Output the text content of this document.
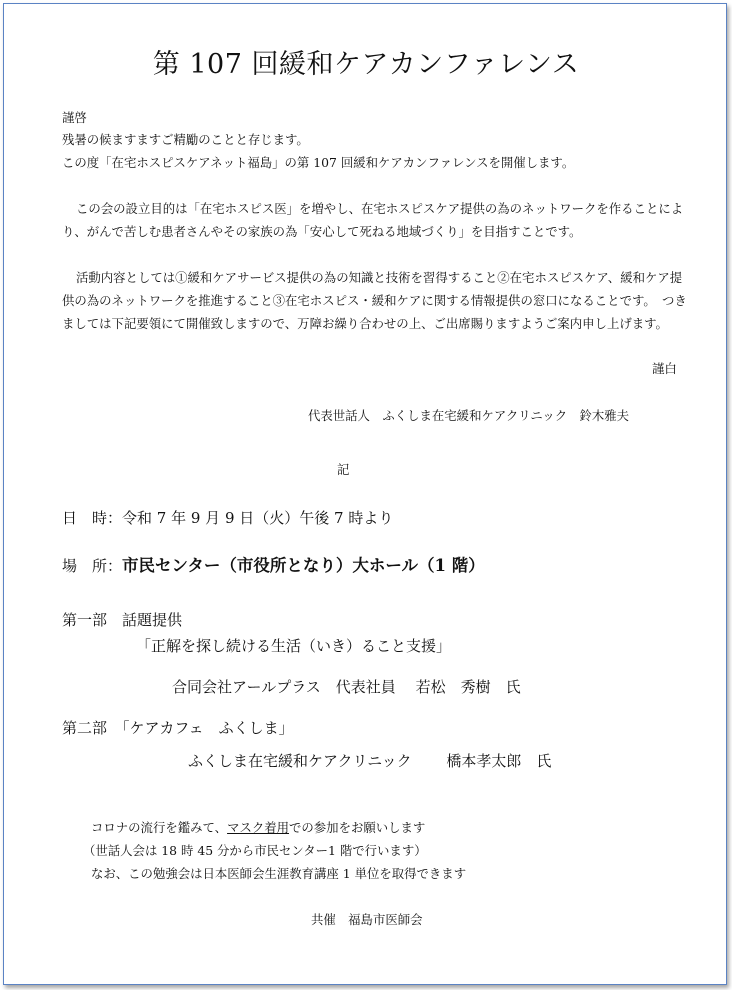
第 107 回緩和ケアカンファレンス
謹啓
残暑の候ますますご精勵のことと存じます。
この度「在宅ホスピスケアネット福島」の第 107 回緩和ケアカンファレンスを開催します。
この会の設立目的は「在宅ホスピス医」を増やし、在宅ホスピスケア提供の為のネットワークを作ることにより、がんで苦しむ患者さんやその家族の為「安心して死ねる地域づくり」を目指すことです。
活動内容としては①緩和ケアサービス提供の為の知識と技術を習得すること②在宅ホスピスケア、緩和ケア提供の為のネットワークを推進すること③在宅ホスピス・緩和ケアに関する情報提供の窓口になることです。　つきましては下記要領にて開催致しますので、万障お繰り合わせの上、ご出席賜りますようご案内申し上げます。
謹白
代表世話人　ふくしま在宅緩和ケアクリニック　鈴木雅夫
記
日　時：令和 7 年 9 月 9 日（火）午後 7 時より
場　所：市民センター（市役所となり）大ホール（1 階）
第一部　話題提供
「正解を探し続ける生活（いき）ること支援」
合同会社アールプラス　代表社員　 若松　秀樹　氏
第二部　「ケアカフェ　ふくしま」
ふくしま在宅緩和ケアクリニック　　 橋本孝太郎　氏
コロナの流行を鑑みて、マスク着用での参加をお願いします
（世話人会は 18 時 45 分から市民センター1 階で行います）
なお、この勉強会は日本医師会生涯教育講座 1 単位を取得できます
共催　福島市医師会
